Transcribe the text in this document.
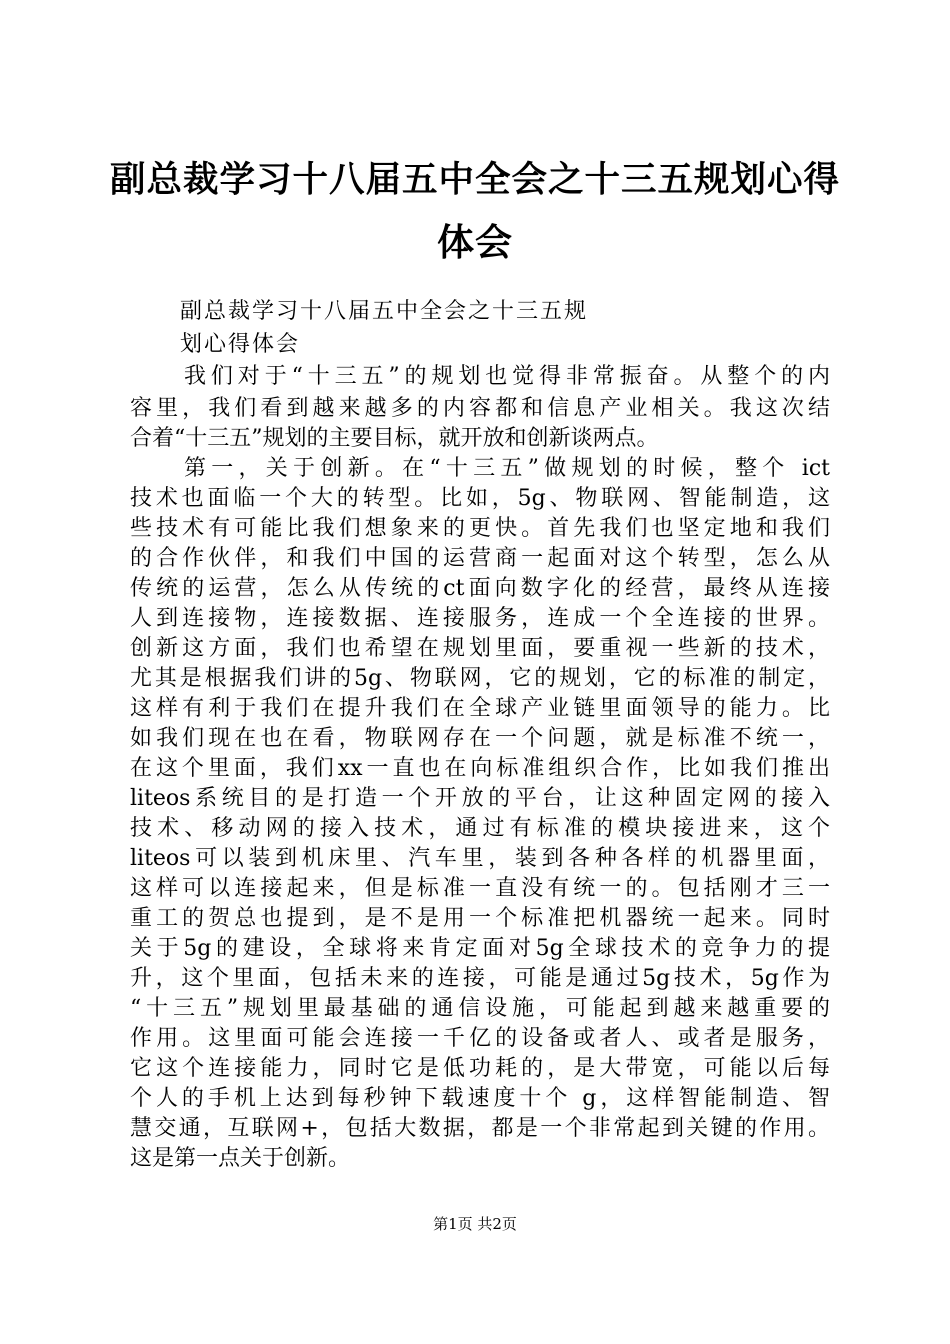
副总裁学习十八届五中全会之十三五规划心得
体会
副总裁学习十八届五中全会之十三五规
划心得体会
我们对于“十三五”的规划也觉得非常振奋。从整个的内
容里，我们看到越来越多的内容都和信息产业相关。我这次结
合着“十三五”规划的主要目标，就开放和创新谈两点。
第一，关于创新。在“十三五”做规划的时候，整个 ict
技术也面临一个大的转型。比如，5g、物联网、智能制造，这
些技术有可能比我们想象来的更快。首先我们也坚定地和我们
的合作伙伴，和我们中国的运营商一起面对这个转型，怎么从
传统的运营，怎么从传统的ct面向数字化的经营，最终从连接
人到连接物，连接数据、连接服务，连成一个全连接的世界。
创新这方面，我们也希望在规划里面，要重视一些新的技术，
尤其是根据我们讲的5g、物联网，它的规划，它的标准的制定，
这样有利于我们在提升我们在全球产业链里面领导的能力。比
如我们现在也在看，物联网存在一个问题，就是标准不统一，
在这个里面，我们xx一直也在向标准组织合作，比如我们推出
liteos系统目的是打造一个开放的平台，让这种固定网的接入
技术、移动网的接入技术，通过有标准的模块接进来，这个
liteos可以装到机床里、汽车里，装到各种各样的机器里面，
这样可以连接起来，但是标准一直没有统一的。包括刚才三一
重工的贺总也提到，是不是用一个标准把机器统一起来。同时
关于5g的建设，全球将来肯定面对5g全球技术的竞争力的提
升，这个里面，包括未来的连接，可能是通过5g技术，5g作为
“十三五”规划里最基础的通信设施，可能起到越来越重要的
作用。这里面可能会连接一千亿的设备或者人、或者是服务，
它这个连接能力，同时它是低功耗的，是大带宽，可能以后每
个人的手机上达到每秒钟下载速度十个 g，这样智能制造、智
慧交通，互联网+，包括大数据，都是一个非常起到关键的作用。
这是第一点关于创新。
第1页 共2页
